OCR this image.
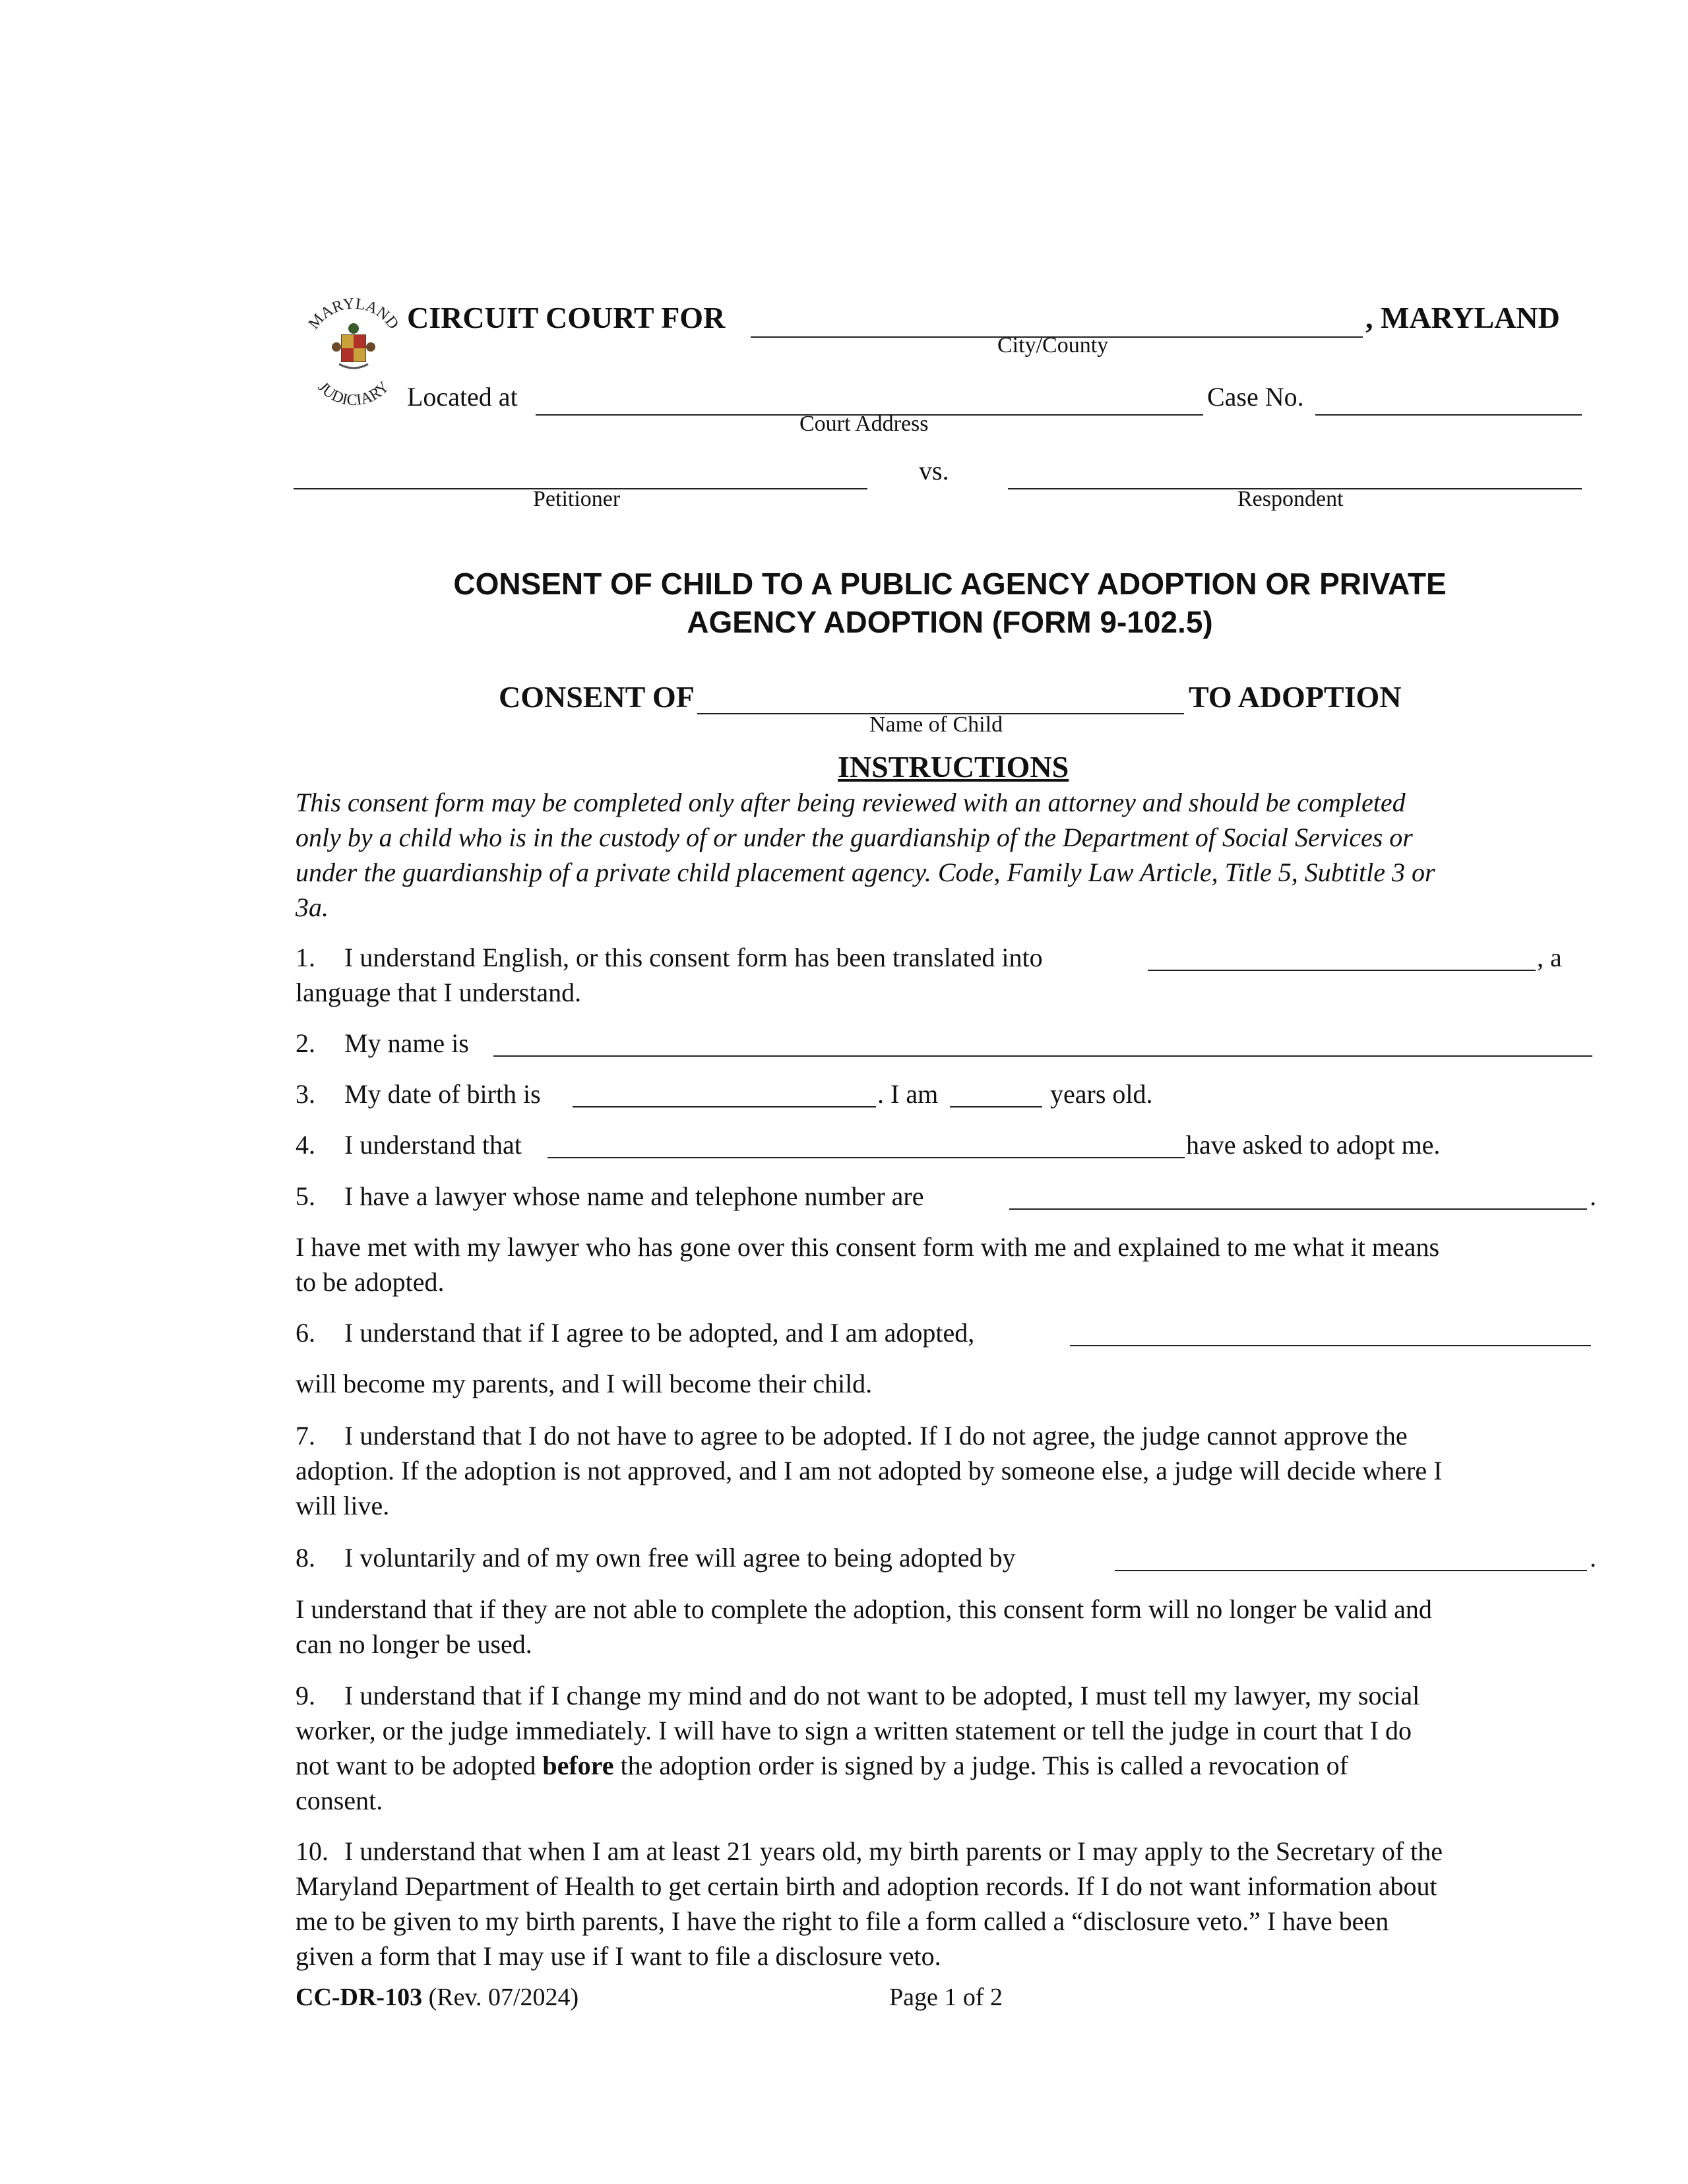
MARYLAND
JUDICIARY
CIRCUIT COURT FOR	, MARYLAND
City/County
Located at	Case No.
Court Address
vs.
Petitioner	Respondent
CONSENT OF CHILD TO A PUBLIC AGENCY ADOPTION OR PRIVATE
AGENCY ADOPTION (FORM 9-102.5)
CONSENT OF	TO ADOPTION
Name of Child
INSTRUCTIONS
This consent form may be completed only after being reviewed with an attorney and should be completed
only by a child who is in the custody of or under the guardianship of the Department of Social Services or
under the guardianship of a private child placement agency. Code, Family Law Article, Title 5, Subtitle 3 or
3a.
1. I understand English, or this consent form has been translated into	, a
language that I understand.
2. My name is
3. My date of birth is	. I am	years old.
4. I understand that	have asked to adopt me.
5. I have a lawyer whose name and telephone number are	.
I have met with my lawyer who has gone over this consent form with me and explained to me what it means
to be adopted.
6. I understand that if I agree to be adopted, and I am adopted,
will become my parents, and I will become their child.
7. I understand that I do not have to agree to be adopted. If I do not agree, the judge cannot approve the
adoption. If the adoption is not approved, and I am not adopted by someone else, a judge will decide where I
will live.
8. I voluntarily and of my own free will agree to being adopted by	.
I understand that if they are not able to complete the adoption, this consent form will no longer be valid and
can no longer be used.
9. I understand that if I change my mind and do not want to be adopted, I must tell my lawyer, my social
worker, or the judge immediately. I will have to sign a written statement or tell the judge in court that I do
not want to be adopted before the adoption order is signed by a judge. This is called a revocation of
consent.
10. I understand that when I am at least 21 years old, my birth parents or I may apply to the Secretary of the
Maryland Department of Health to get certain birth and adoption records. If I do not want information about
me to be given to my birth parents, I have the right to file a form called a “disclosure veto.” I have been
given a form that I may use if I want to file a disclosure veto.
CC-DR-103 (Rev. 07/2024)	Page 1 of 2
